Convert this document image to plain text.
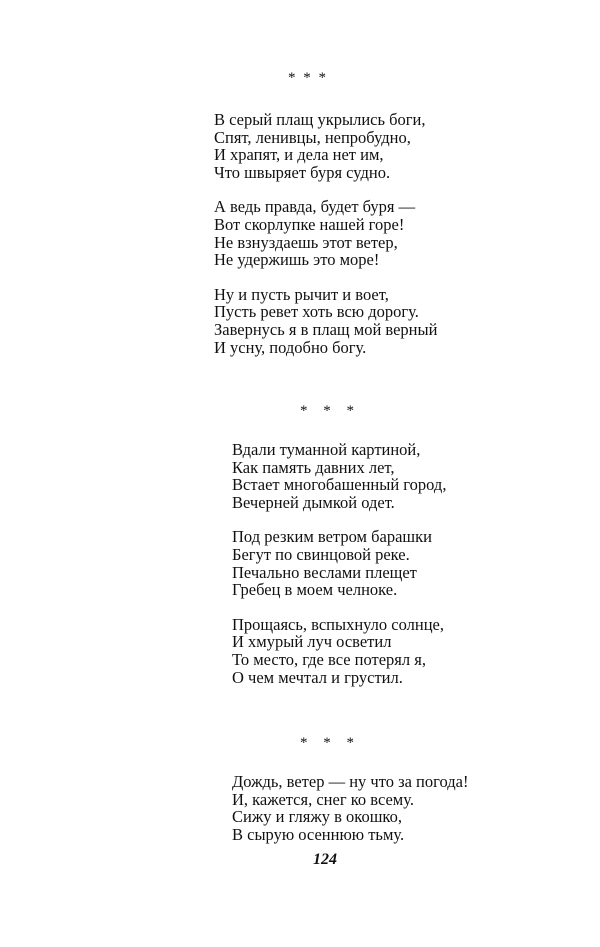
* * *

В серый плащ укрылись боги,
Спят, ленивцы, непробудно,
И храпят, и дела нет им,
Что швыряет буря судно.

А ведь правда, будет буря —
Вот скорлупке нашей горе!
Не взнуздаешь этот ветер,
Не удержишь это море!

Ну и пусть рычит и воет,
Пусть ревет хоть всю дорогу.
Завернусь я в плащ мой верный
И усну, подобно богу.

* * *

Вдали туманной картиной,
Как память давних лет,
Встает многобашенный город,
Вечерней дымкой одет.

Под резким ветром барашки
Бегут по свинцовой реке.
Печально веслами плещет
Гребец в моем челноке.

Прощаясь, вспыхнуло солнце,
И хмурый луч осветил
То место, где все потерял я,
О чем мечтал и грустил.

* * *

Дождь, ветер — ну что за погода!
И, кажется, снег ко всему.
Сижу и гляжу в окошко,
В сырую осеннюю тьму.

124
